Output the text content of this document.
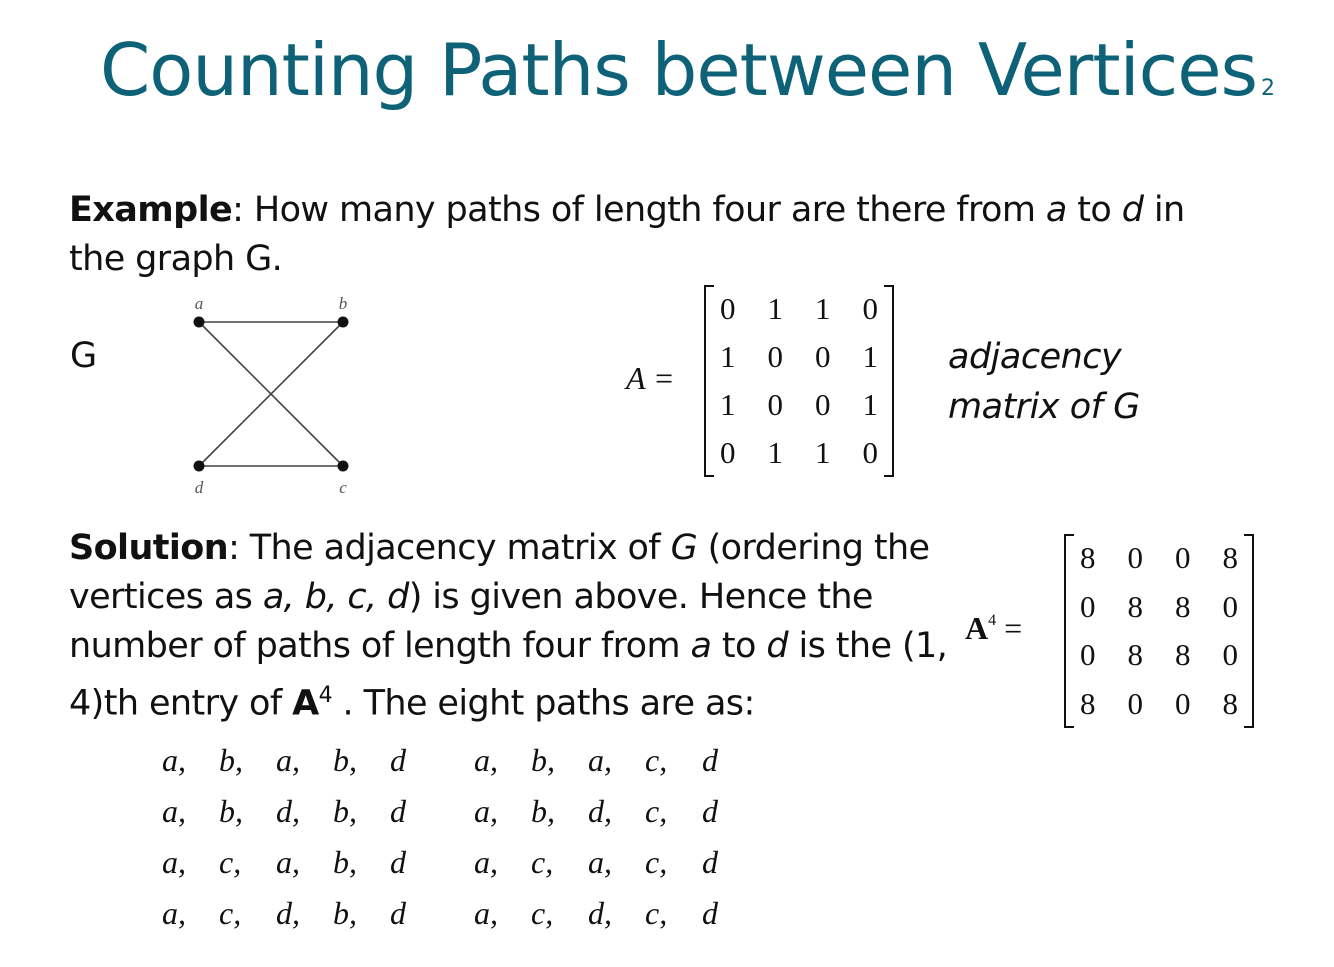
Counting Paths between Vertices 2
Example: How many paths of length four are there from a to d in the graph G.
G
a	b
d	c
A =
0	1	1	0
1	0	0	1
1	0	0	1
0	1	1	0
adjacency
matrix of G
Solution: The adjacency matrix of G (ordering the vertices as a, b, c, d) is given above. Hence the number of paths of length four from a to d is the (1, 4)th entry of $A^4$ . The eight paths are as:
$A^4$ =
8	0	0	8
0	8	8	0
0	8	8	0
8	0	0	8
a,	b,	a,	b,	d
a,	b,	d,	b,	d
a,	c,	a,	b,	d
a,	c,	d,	b,	d
a,	b,	a,	c,	d
a,	b,	d,	c,	d
a,	c,	a,	c,	d
a,	c,	d,	c,	d
